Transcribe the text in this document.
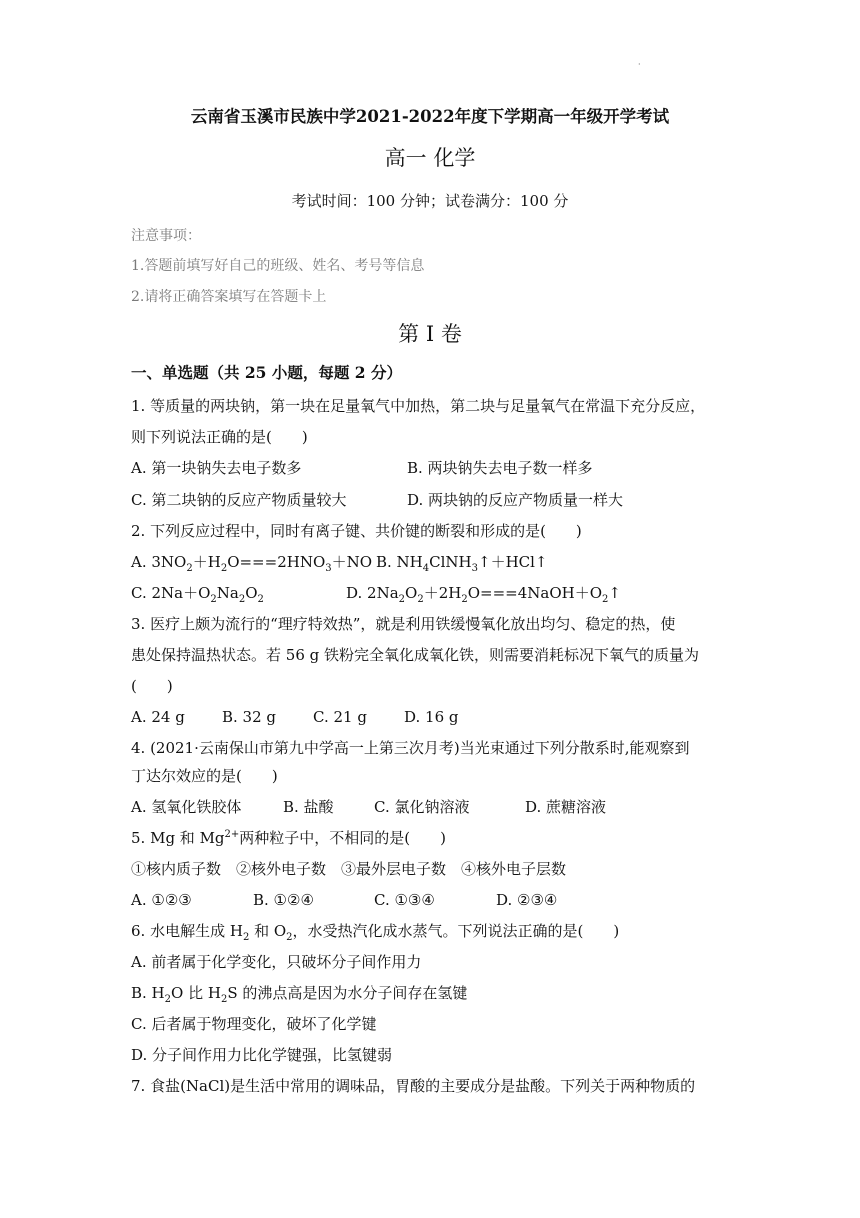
·
云南省玉溪市民族中学2021-2022年度下学期高一年级开学考试
高一 化学
考试时间：100 分钟；试卷满分：100 分
注意事项：
1.答题前填写好自己的班级、姓名、考号等信息
2.请将正确答案填写在答题卡上
第 I 卷
一、单选题（共 25 小题，每题 2 分）
1. 等质量的两块钠，第一块在足量氧气中加热，第二块与足量氧气在常温下充分反应，
则下列说法正确的是(　　)
A. 第一块钠失去电子数多	B. 两块钠失去电子数一样多
C. 第二块钠的反应产物质量较大	D. 两块钠的反应产物质量一样大
2. 下列反应过程中，同时有离子键、共价键的断裂和形成的是(　　)
A. $3NO_2+H_2O===2HNO_3+NO$ B. $NH_4ClNH_3↑+HCl↑$
C. $2Na+O_2Na_2O_2$	D. $2Na_2O_2+2H_2O===4NaOH+O_2↑$
3. 医疗上颇为流行的“理疗特效热”，就是利用铁缓慢氧化放出均匀、稳定的热，使
患处保持温热状态。若 56 g 铁粉完全氧化成氧化铁，则需要消耗标况下氧气的质量为
(　　)
A. 24 g B. 32 g C. 21 g D. 16 g
4. (2021·云南保山市第九中学高一上第三次月考)当光束通过下列分散系时,能观察到
丁达尔效应的是(　　)
A. 氢氧化铁胶体	B. 盐酸	C. 氯化钠溶液	D. 蔗糖溶液
5. Mg 和 $Mg^{2+}$两种粒子中，不相同的是(　　)
①核内质子数　②核外电子数　③最外层电子数　④核外电子层数
A. ①②③	B. ①②④	C. ①③④	D. ②③④
6. 水电解生成 $H_2$ 和 $O_2$，水受热汽化成水蒸气。下列说法正确的是(　　)
A. 前者属于化学变化，只破坏分子间作用力
B. $H_2O$ 比 $H_2S$ 的沸点高是因为水分子间存在氢键
C. 后者属于物理变化，破坏了化学键
D. 分子间作用力比化学键强，比氢键弱
7. 食盐(NaCl)是生活中常用的调味品，胃酸的主要成分是盐酸。下列关于两种物质的
